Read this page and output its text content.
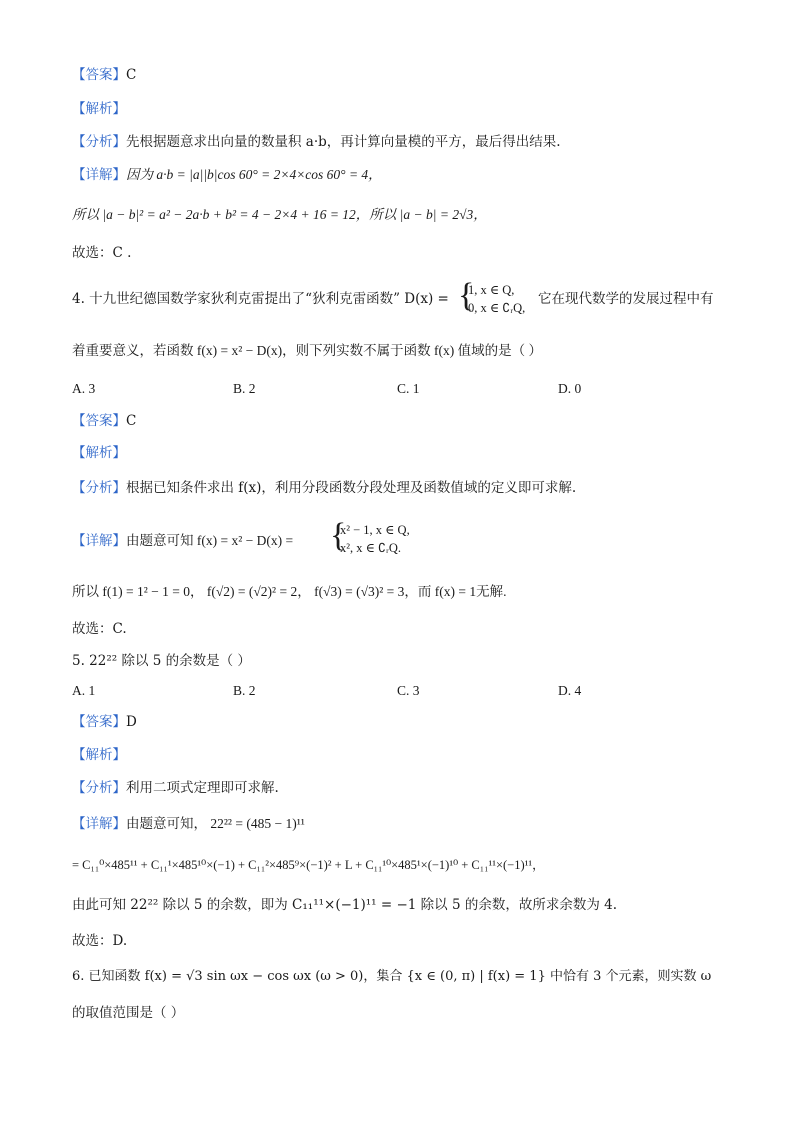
【答案】C
【解析】
【分析】先根据题意求出向量的数量积 a·b，再计算向量模的平方，最后得出结果.
【详解】因为 a·b = |a||b|cos 60° = 2×4×cos 60° = 4，
所以 |a − b|² = a² − 2a·b + b² = 4 − 2×4 + 16 = 12，所以 |a − b| = 2√3，
故选：C .
4. 十九世纪德国数学家狄利克雷提出了“狄利克雷函数” D(x) = {
1, x ∈ Q,
0, x ∈ ∁ᵣQ,
它在现代数学的发展过程中有
着重要意义，若函数 f(x) = x² − D(x)，则下列实数不属于函数 f(x) 值域的是（ ）
A. 3	B. 2	C. 1	D. 0
【答案】C
【解析】
【分析】根据已知条件求出 f(x)，利用分段函数分段处理及函数值域的定义即可求解.
【详解】由题意可知 f(x) = x² − D(x) =	{
x² − 1, x ∈ Q,
x², x ∈ ∁ᵣQ.
所以 f(1) = 1² − 1 = 0， f(√2) = (√2)² = 2， f(√3) = (√3)² = 3，而 f(x) = 1无解.
故选：C.
5. 22²² 除以 5 的余数是（ ）
A. 1	B. 2	C. 3	D. 4
【答案】D
【解析】
【分析】利用二项式定理即可求解.
【详解】由题意可知， 22²² = (485 − 1)¹¹
= C₁₁⁰×485¹¹ + C₁₁¹×485¹⁰×(−1) + C₁₁²×485⁹×(−1)² + L + C₁₁¹⁰×485¹×(−1)¹⁰ + C₁₁¹¹×(−1)¹¹，
由此可知 22²² 除以 5 的余数，即为 C₁₁¹¹×(−1)¹¹ = −1 除以 5 的余数，故所求余数为 4.
故选：D.
6. 已知函数 f(x) = √3 sin ωx − cos ωx (ω > 0)，集合 {x ∈ (0, π) | f(x) = 1} 中恰有 3 个元素，则实数 ω
的取值范围是（ ）
